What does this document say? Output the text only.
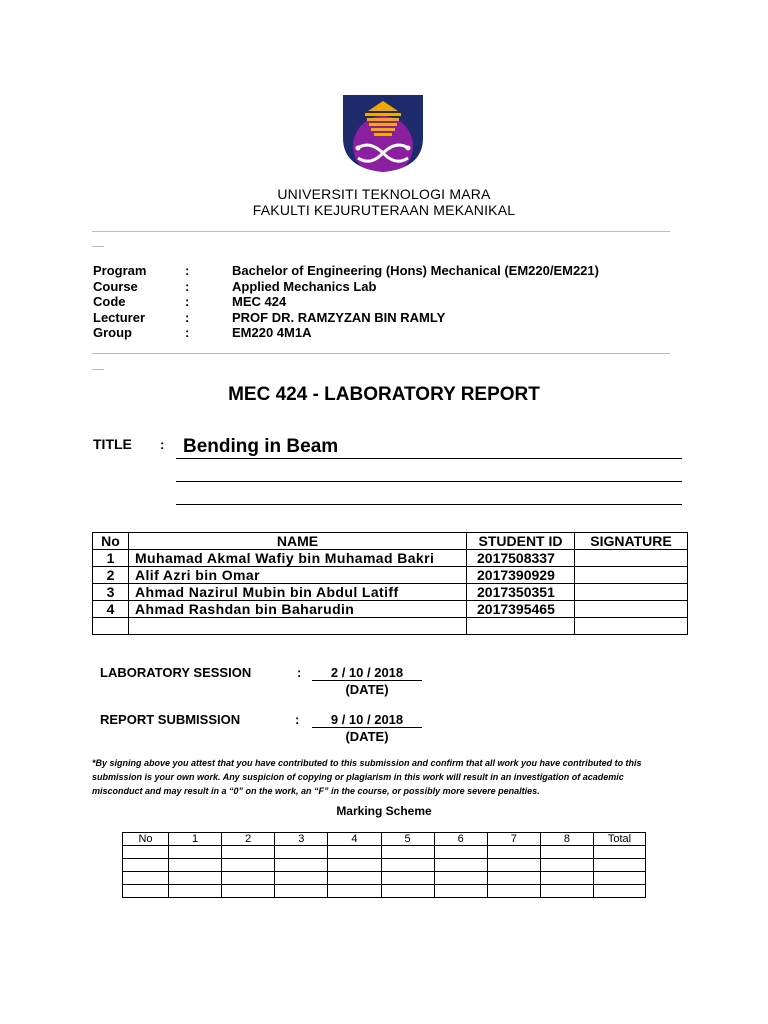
UNIVERSITI TEKNOLOGI MARA
FAKULTI KEJURUTERAAN MEKANIKAL
Program	:	Bachelor of Engineering (Hons) Mechanical (EM220/EM221)
Course	:	Applied Mechanics Lab
Code	:	MEC 424
Lecturer	:	PROF DR. RAMZYZAN BIN RAMLY
Group	:	EM220 4M1A
MEC 424 - LABORATORY REPORT
TITLE : Bending in Beam
No	NAME	STUDENT ID	SIGNATURE
1	Muhamad Akmal Wafiy bin Muhamad Bakri	2017508337	
2	Alif Azri bin Omar	2017390929	
3	Ahmad Nazirul Mubin bin Abdul Latiff	2017350351	
4	Ahmad Rashdan bin Baharudin	2017395465	

LABORATORY SESSION	:	2 / 10 / 2018
(DATE)
REPORT SUBMISSION	:	9 / 10 / 2018
(DATE)
*By signing above you attest that you have contributed to this submission and confirm that all work you have contributed to this submission is your own work. Any suspicion of copying or plagiarism in this work will result in an investigation of academic misconduct and may result in a “0” on the work, an “F” in the course, or possibly more severe penalties.
Marking Scheme
No	1	2	3	4	5	6	7	8	Total
